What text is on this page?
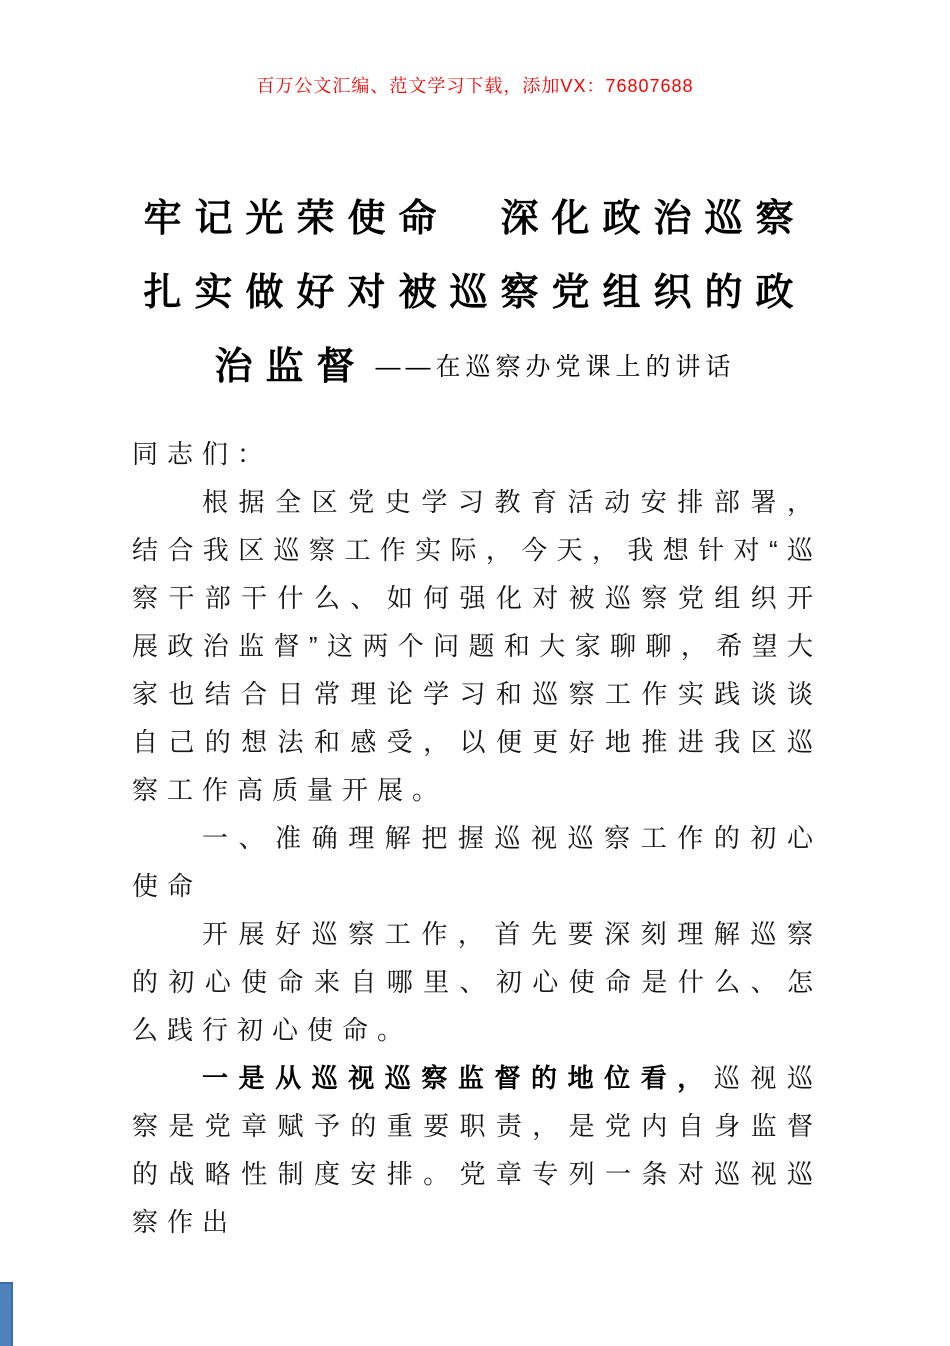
百万公文汇编、范文学习下载，添加VX：76807688
牢记光荣使命　深化政治巡察
扎实做好对被巡察党组织的政
治监督 ——在巡察办党课上的讲话

同志们：

根据全区党史学习教育活动安排部署，结合我区巡察工作实际，今天，我想针对“巡察干部干什么、如何强化对被巡察党组织开展政治监督”这两个问题和大家聊聊，希望大家也结合日常理论学习和巡察工作实践谈谈自己的想法和感受，以便更好地推进我区巡察工作高质量开展。

一、准确理解把握巡视巡察工作的初心使命

开展好巡察工作，首先要深刻理解巡察的初心使命来自哪里、初心使命是什么、怎么践行初心使命。

一是从巡视巡察监督的地位看，巡视巡察是党章赋予的重要职责，是党内自身监督的战略性制度安排。党章专列一条对巡视巡察作出
